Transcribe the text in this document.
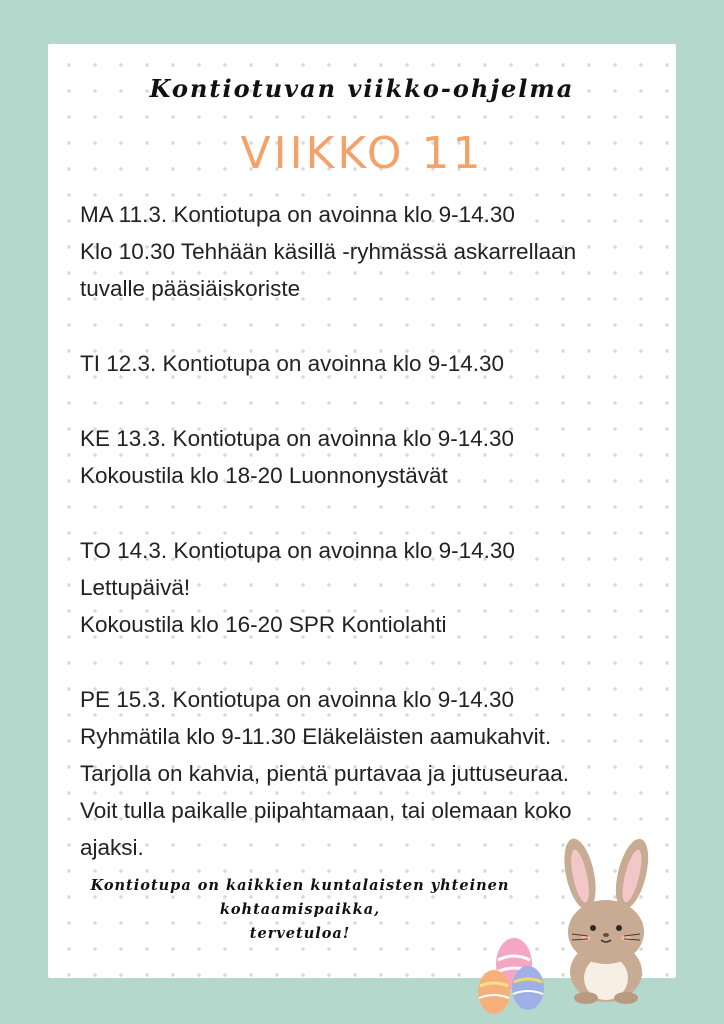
Kontiotuvan viikko-ohjelma
VIIKKO 11

MA 11.3. Kontiotupa on avoinna klo 9-14.30

Klo 10.30 Tehhään käsillä -ryhmässä askarrellaan

tuvalle pääsiäiskoriste

TI 12.3. Kontiotupa on avoinna klo 9-14.30

KE 13.3. Kontiotupa on avoinna klo 9-14.30

Kokoustila klo 18-20 Luonnonystävät

TO 14.3. Kontiotupa on avoinna klo 9-14.30

Lettupäivä!

Kokoustila klo 16-20 SPR Kontiolahti

PE 15.3. Kontiotupa on avoinna klo 9-14.30

Ryhmätila klo 9-11.30 Eläkeläisten aamukahvit.

Tarjolla on kahvia, pientä purtavaa ja juttuseuraa.

Voit tulla paikalle piipahtamaan, tai olemaan koko

ajaksi.

Kontiotupa on kaikkien kuntalaisten yhteinen

kohtaamispaikka,

tervetuloa!
